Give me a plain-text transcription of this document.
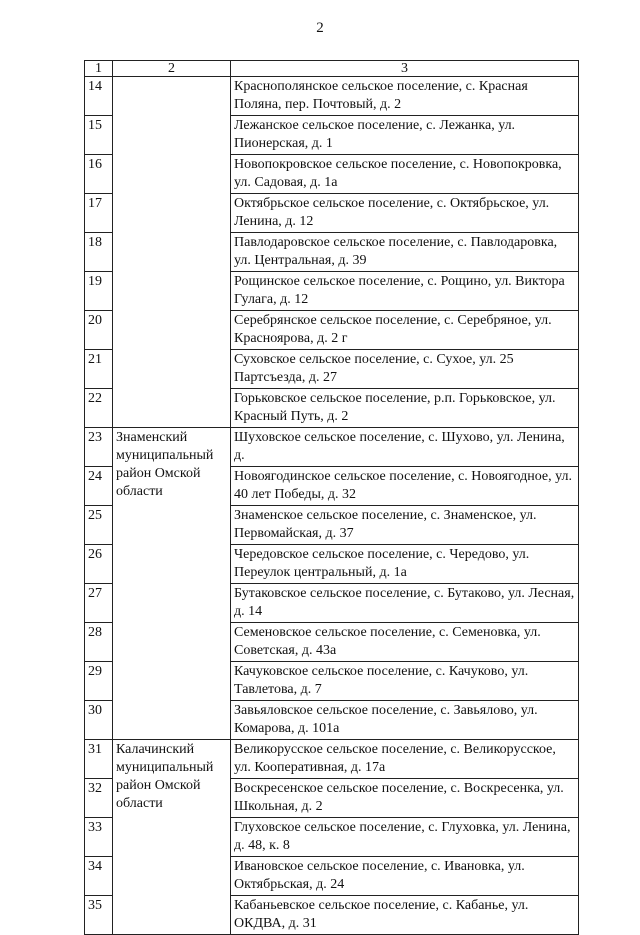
2
1	2	3
14		Краснополянское сельское поселение, с. Красная Поляна, пер. Почтовый, д. 2
15		Лежанское сельское поселение, с. Лежанка, ул. Пионерская, д. 1
16		Новопокровское сельское поселение, с. Новопокровка, ул. Садовая, д. 1а
17		Октябрьское сельское поселение, с. Октябрьское, ул. Ленина, д. 12
18		Павлодаровское сельское поселение, с. Павлодаровка, ул. Центральная, д. 39
19		Рощинское сельское поселение, с. Рощино, ул. Виктора Гулага, д. 12
20		Серебрянское сельское поселение, с. Серебряное, ул. Красноярова, д. 2 г
21		Суховское сельское поселение, с. Сухое, ул. 25 Партсъезда, д. 27
22		Горьковское сельское поселение, р.п. Горьковское, ул. Красный Путь, д. 2
23	Знаменский муниципальный район Омской области	Шуховское сельское поселение, с. Шухово, ул. Ленина, д.
24		Новоягодинское сельское поселение, с. Новоягодное, ул. 40 лет Победы, д. 32
25		Знаменское сельское поселение, с. Знаменское, ул. Первомайская, д. 37
26		Чередовское сельское поселение, с. Чередово, ул. Переулок центральный, д. 1а
27		Бутаковское сельское поселение, с. Бутаково, ул. Лесная, д. 14
28		Семеновское сельское поселение, с. Семеновка, ул. Советская, д. 43а
29		Качуковское сельское поселение, с. Качуково, ул. Тавлетова, д. 7
30		Завьяловское сельское поселение, с. Завьялово, ул. Комарова, д. 101а
31	Калачинский муниципальный район Омской области	Великорусское сельское поселение, с. Великорусское, ул. Кооперативная, д. 17а
32		Воскресенское сельское поселение, с. Воскресенка, ул. Школьная, д. 2
33		Глуховское сельское поселение, с. Глуховка, ул. Ленина, д. 48, к. 8
34		Ивановское сельское поселение, с. Ивановка, ул. Октябрьская, д. 24
35		Кабаньевское сельское поселение, с. Кабанье, ул. ОКДВА, д. 31
